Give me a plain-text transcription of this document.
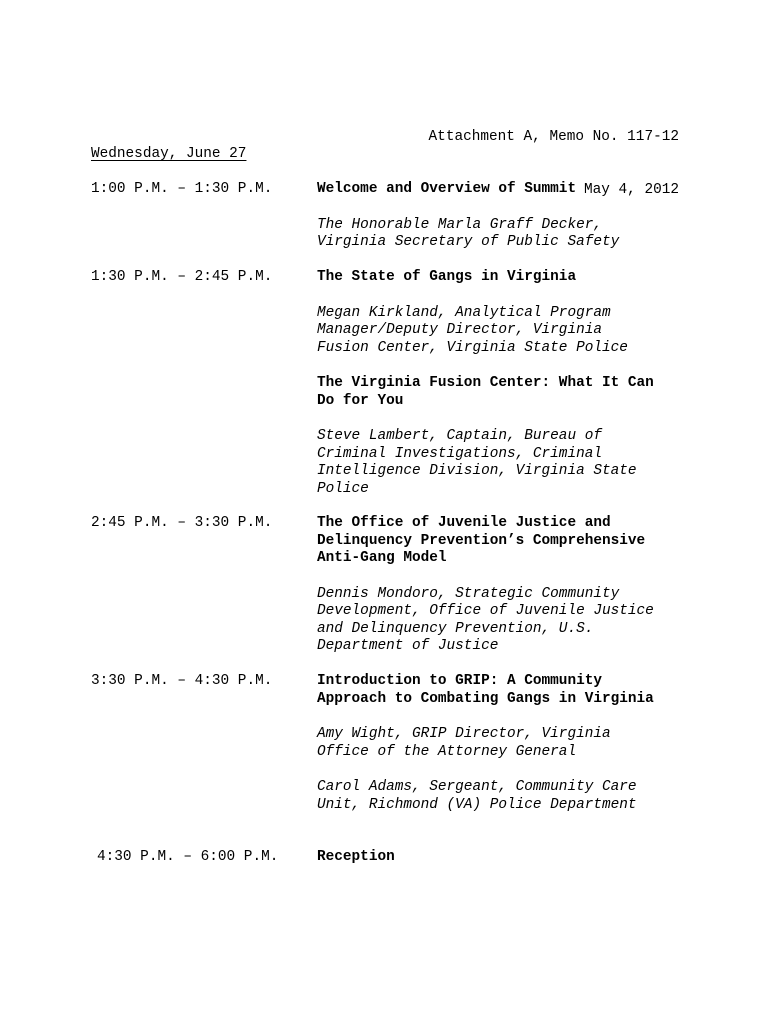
Attachment A, Memo No. 117-12

May 4, 2012

Wednesday, June 27
1:00 P.M. – 1:30 P.M.	Welcome and Overview of Summit
The Honorable Marla Graff Decker,
Virginia Secretary of Public Safety
1:30 P.M. – 2:45 P.M.	The State of Gangs in Virginia
Megan Kirkland, Analytical Program
Manager/Deputy Director, Virginia
Fusion Center, Virginia State Police
The Virginia Fusion Center: What It Can
Do for You
Steve Lambert, Captain, Bureau of
Criminal Investigations, Criminal
Intelligence Division, Virginia State
Police
2:45 P.M. – 3:30 P.M.	The Office of Juvenile Justice and
Delinquency Prevention’s Comprehensive
Anti-Gang Model
Dennis Mondoro, Strategic Community
Development, Office of Juvenile Justice
and Delinquency Prevention, U.S.
Department of Justice
3:30 P.M. – 4:30 P.M.	Introduction to GRIP: A Community
Approach to Combating Gangs in Virginia
Amy Wight, GRIP Director, Virginia
Office of the Attorney General
Carol Adams, Sergeant, Community Care
Unit, Richmond (VA) Police Department
4:30 P.M. – 6:00 P.M.	Reception
